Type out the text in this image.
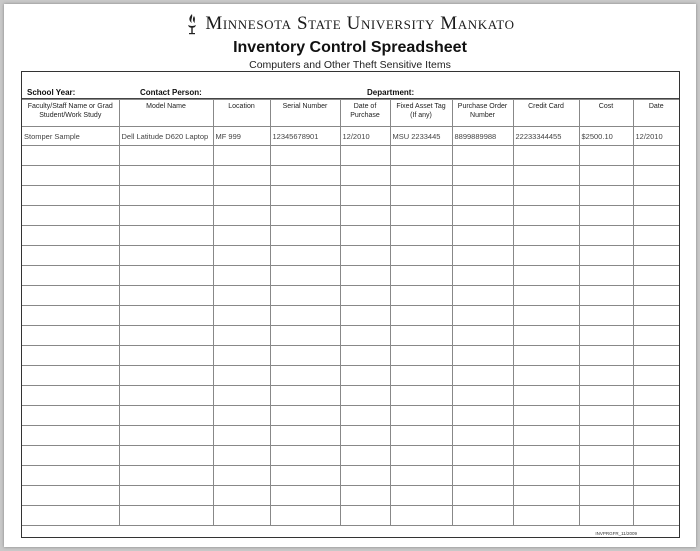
Minnesota State University Mankato
Inventory Control Spreadsheet
Computers and Other Theft Sensitive Items
School Year:	Contact Person:	Department:
Faculty/Staff Name or Grad Student/Work Study	Model Name	Location	Serial Number	Date of Purchase	Fixed Asset Tag (If any)	Purchase Order Number	Credit Card	Cost	Date
Stomper Sample	Dell Latitude D620 Laptop	MF 999	12345678901	12/2010	MSU 2233445	8899889988	22233344455	$2500.10	12/2010

INVPRGFR_11/2009
